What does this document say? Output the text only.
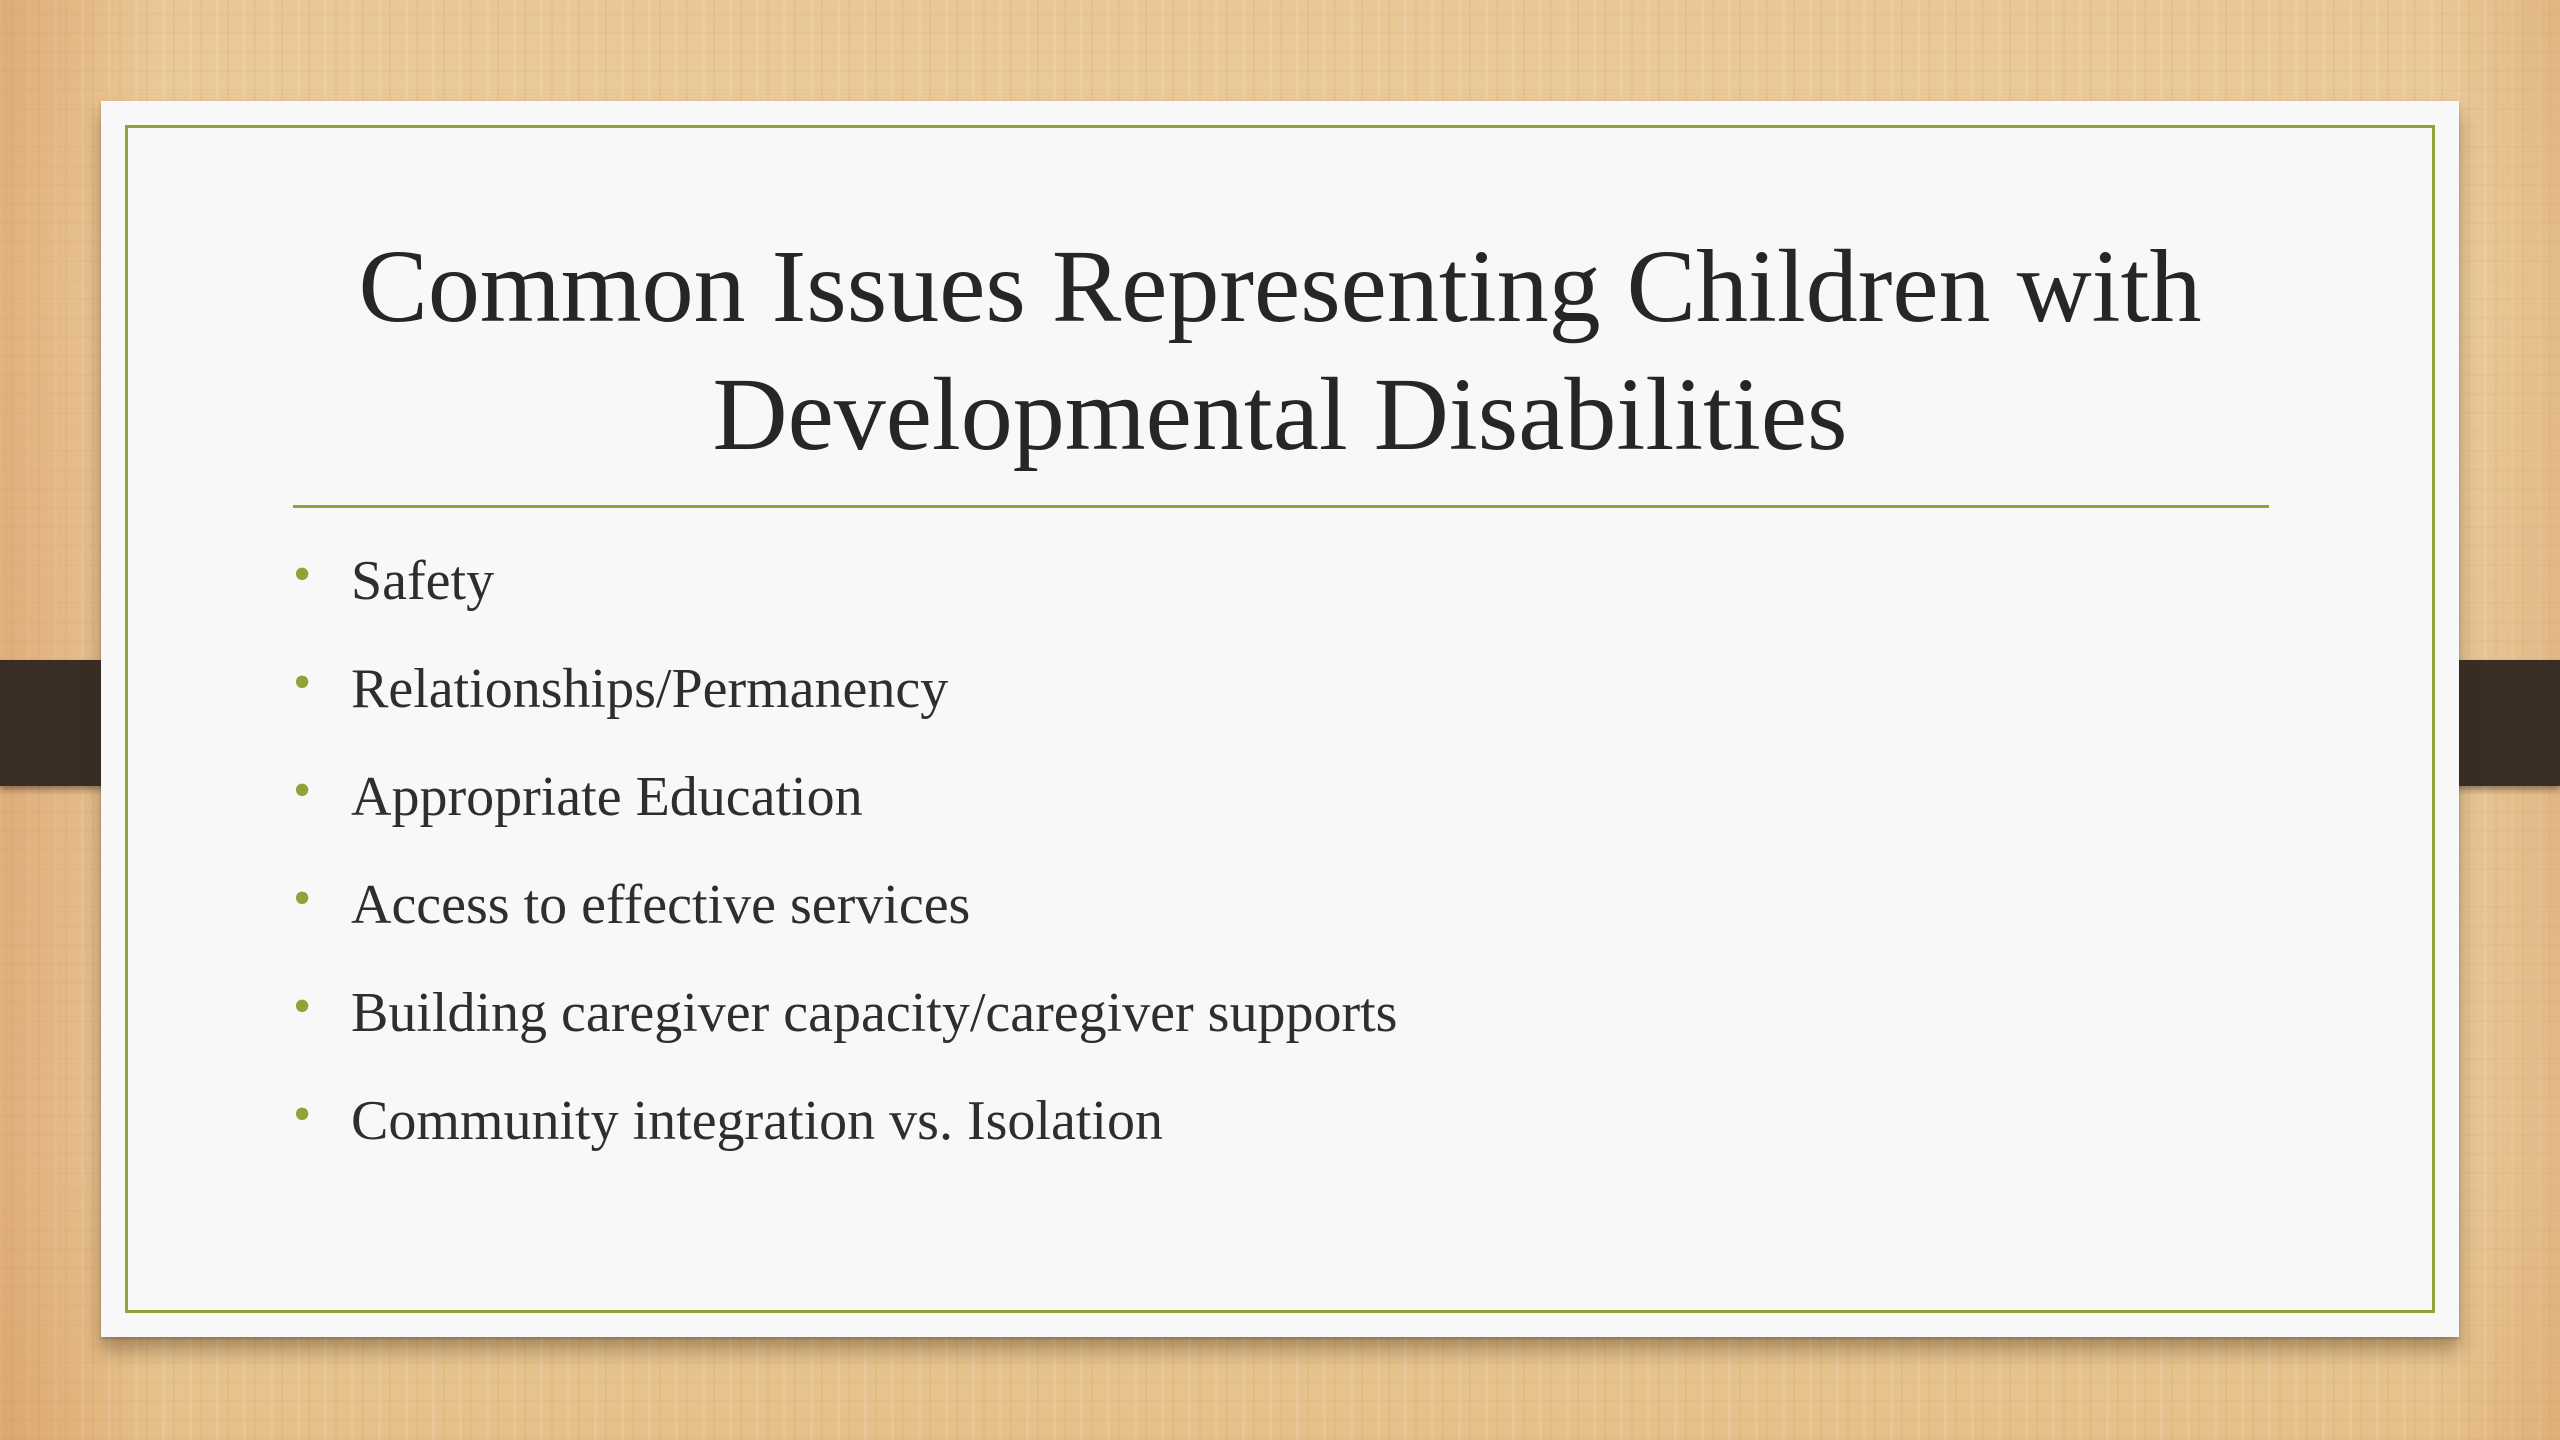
Common Issues Representing Children with
Developmental Disabilities
• Safety
• Relationships/Permanency
• Appropriate Education
• Access to effective services
• Building caregiver capacity/caregiver supports
• Community integration vs. Isolation
